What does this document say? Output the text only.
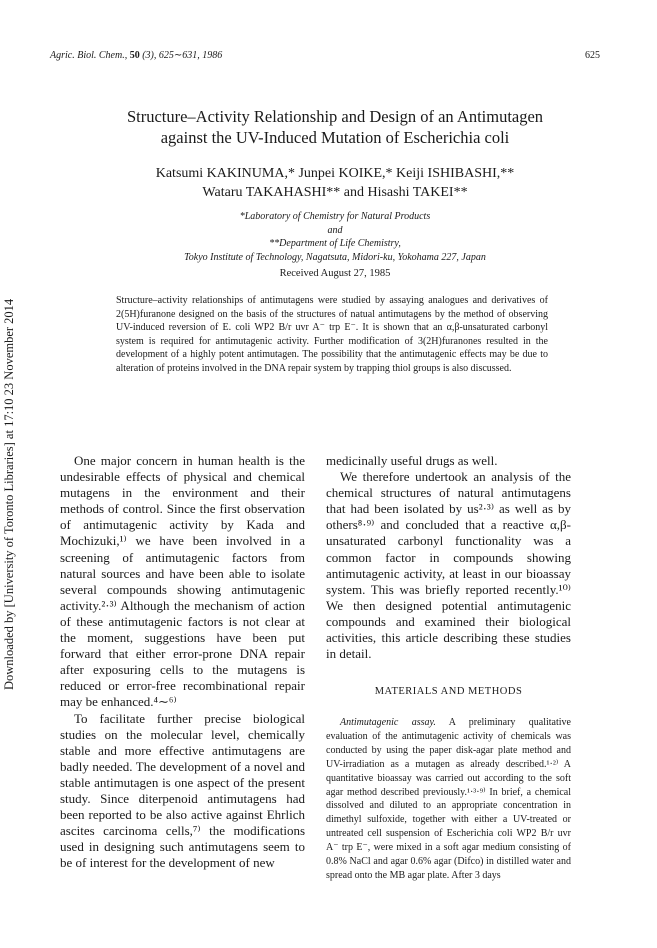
Agric. Biol. Chem., 50 (3), 625∼631, 1986	625
Downloaded by [University of Toronto Libraries] at 17:10 23 November 2014
Structure–Activity Relationship and Design of an Antimutagen
against the UV-Induced Mutation of Escherichia coli
Katsumi KAKINUMA,* Junpei KOIKE,* Keiji ISHIBASHI,**
Wataru TAKAHASHI** and Hisashi TAKEI**
*Laboratory of Chemistry for Natural Products
and
**Department of Life Chemistry,
Tokyo Institute of Technology, Nagatsuta, Midori-ku, Yokohama 227, Japan
Received August 27, 1985
Structure–activity relationships of antimutagens were studied by assaying analogues and derivatives of 2(5H)furanone designed on the basis of the structures of natual antimutagens by the method of observing UV-induced reversion of E. coli WP2 B/r uvr A⁻ trp E⁻. It is shown that an α,β-unsaturated carbonyl system is required for antimutagenic activity. Further modification of 3(2H)furanones resulted in the development of a highly potent antimutagen. The possibility that the antimutagenic effects may be due to alteration of proteins involved in the DNA repair system by trapping thiol groups is also discussed.

One major concern in human health is the undesirable effects of physical and chemical mutagens in the environment and their methods of control. Since the first observation of antimutagenic activity by Kada and Mochizuki,¹⁾ we have been involved in a screening of antimutagenic factors from natural sources and have been able to isolate several compounds showing antimutagenic activity.²·³⁾ Although the mechanism of action of these antimutagenic factors is not clear at the moment, suggestions have been put forward that either error-prone DNA repair after exposuring cells to the mutagens is reduced or error-free recombinational repair may be enhanced.⁴∼⁶⁾

To facilitate further precise biological studies on the molecular level, chemically stable and more effective antimutagens are badly needed. The development of a novel and stable antimutagen is one aspect of the present study. Since diterpenoid antimutagens had been reported to be also active against Ehrlich ascites carcinoma cells,⁷⁾ the modifications used in designing such antimutagens seem to be of interest for the development of new

medicinally useful drugs as well.

We therefore undertook an analysis of the chemical structures of natural antimutagens that had been isolated by us²·³⁾ as well as by others⁸·⁹⁾ and concluded that a reactive α,β-unsaturated carbonyl functionality was a common factor in compounds showing antimutagenic activity, at least in our bioassay system. This was briefly reported recently.¹⁰⁾ We then designed potential antimutagenic compounds and examined their biological activities, this article describing these studies in detail.

MATERIALS AND METHODS

Antimutagenic assay. A preliminary qualitative evaluation of the antimutagenic activity of chemicals was conducted by using the paper disk-agar plate method and UV-irradiation as a mutagen as already described.¹·²⁾ A quantitative bioassay was carried out according to the soft agar method described previously.¹·³·⁹⁾ In brief, a chemical dissolved and diluted to an appropriate concentration in dimethyl sulfoxide, together with either a UV-treated or untreated cell suspension of Escherichia coli WP2 B/r uvr A⁻ trp E⁻, were mixed in a soft agar medium consisting of 0.8% NaCl and agar 0.6% agar (Difco) in distilled water and spread onto the MB agar plate. After 3 days
